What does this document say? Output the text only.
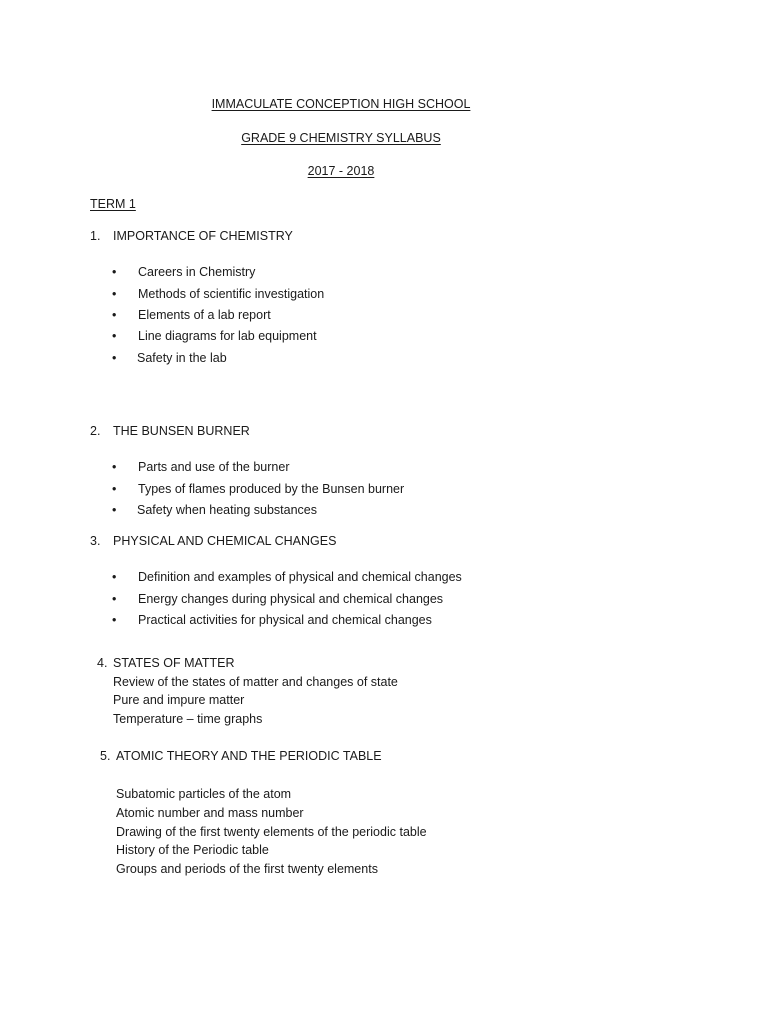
IMMACULATE CONCEPTION HIGH SCHOOL
GRADE 9 CHEMISTRY SYLLABUS
2017 - 2018
TERM 1
1. IMPORTANCE OF CHEMISTRY
• Careers in Chemistry
• Methods of scientific investigation
• Elements of a lab report
• Line diagrams for lab equipment
• Safety in the lab
2. THE BUNSEN BURNER
• Parts and use of the burner
• Types of flames produced by the Bunsen burner
• Safety when heating substances
3. PHYSICAL AND CHEMICAL CHANGES
• Definition and examples of physical and chemical changes
• Energy changes during physical and chemical changes
• Practical activities for physical and chemical changes
4. STATES OF MATTER
Review of the states of matter and changes of state
Pure and impure matter
Temperature – time graphs
5. ATOMIC THEORY AND THE PERIODIC TABLE
Subatomic particles of the atom
Atomic number and mass number
Drawing of the first twenty elements of the periodic table
History of the Periodic table
Groups and periods of the first twenty elements
